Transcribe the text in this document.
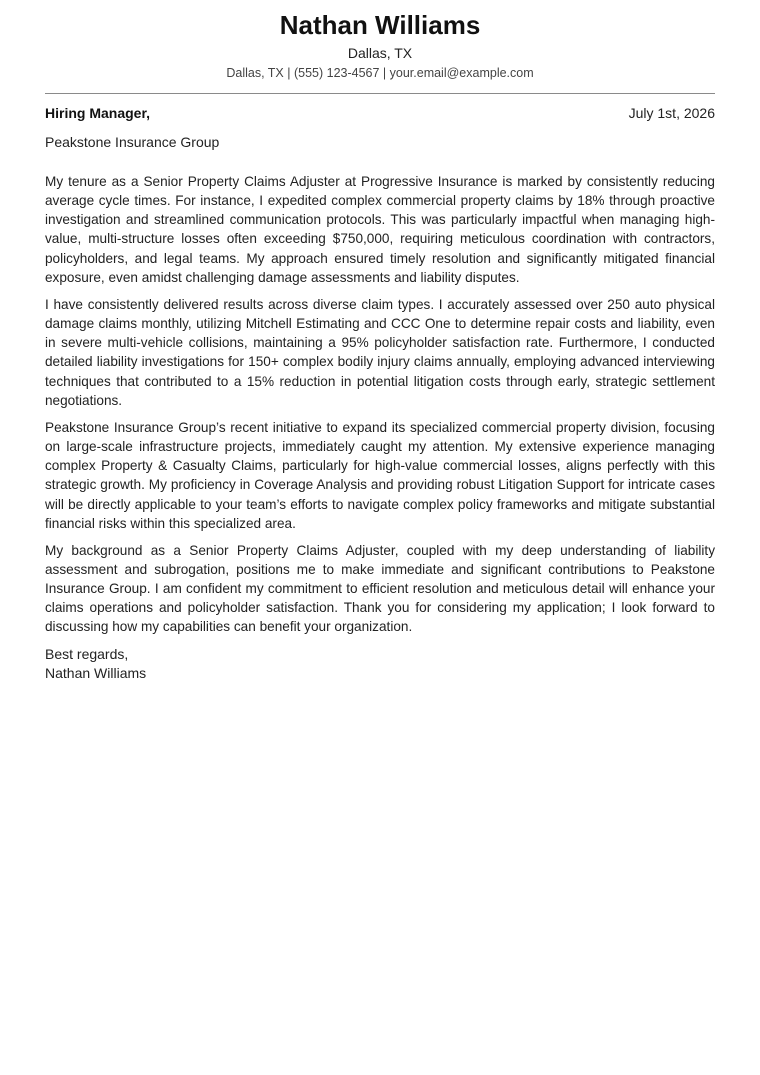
Nathan Williams
Dallas, TX
Dallas, TX | (555) 123-4567 | your.email@example.com
Hiring Manager,	July 1st, 2026
Peakstone Insurance Group

My tenure as a Senior Property Claims Adjuster at Progressive Insurance is marked by consistently reducing average cycle times. For instance, I expedited complex commercial property claims by 18% through proactive investigation and streamlined communication protocols. This was particularly impactful when managing high-value, multi-structure losses often exceeding $750,000, requiring meticulous coordination with contractors, policyholders, and legal teams. My approach ensured timely resolution and significantly mitigated financial exposure, even amidst challenging damage assessments and liability disputes.

I have consistently delivered results across diverse claim types. I accurately assessed over 250 auto physical damage claims monthly, utilizing Mitchell Estimating and CCC One to determine repair costs and liability, even in severe multi-vehicle collisions, maintaining a 95% policyholder satisfaction rate. Furthermore, I conducted detailed liability investigations for 150+ complex bodily injury claims annually, employing advanced interviewing techniques that contributed to a 15% reduction in potential litigation costs through early, strategic settlement negotiations.

Peakstone Insurance Group’s recent initiative to expand its specialized commercial property division, focusing on large-scale infrastructure projects, immediately caught my attention. My extensive experience managing complex Property & Casualty Claims, particularly for high-value commercial losses, aligns perfectly with this strategic growth. My proficiency in Coverage Analysis and providing robust Litigation Support for intricate cases will be directly applicable to your team’s efforts to navigate complex policy frameworks and mitigate substantial financial risks within this specialized area.

My background as a Senior Property Claims Adjuster, coupled with my deep understanding of liability assessment and subrogation, positions me to make immediate and significant contributions to Peakstone Insurance Group. I am confident my commitment to efficient resolution and meticulous detail will enhance your claims operations and policyholder satisfaction. Thank you for considering my application; I look forward to discussing how my capabilities can benefit your organization.

Best regards,
Nathan Williams
